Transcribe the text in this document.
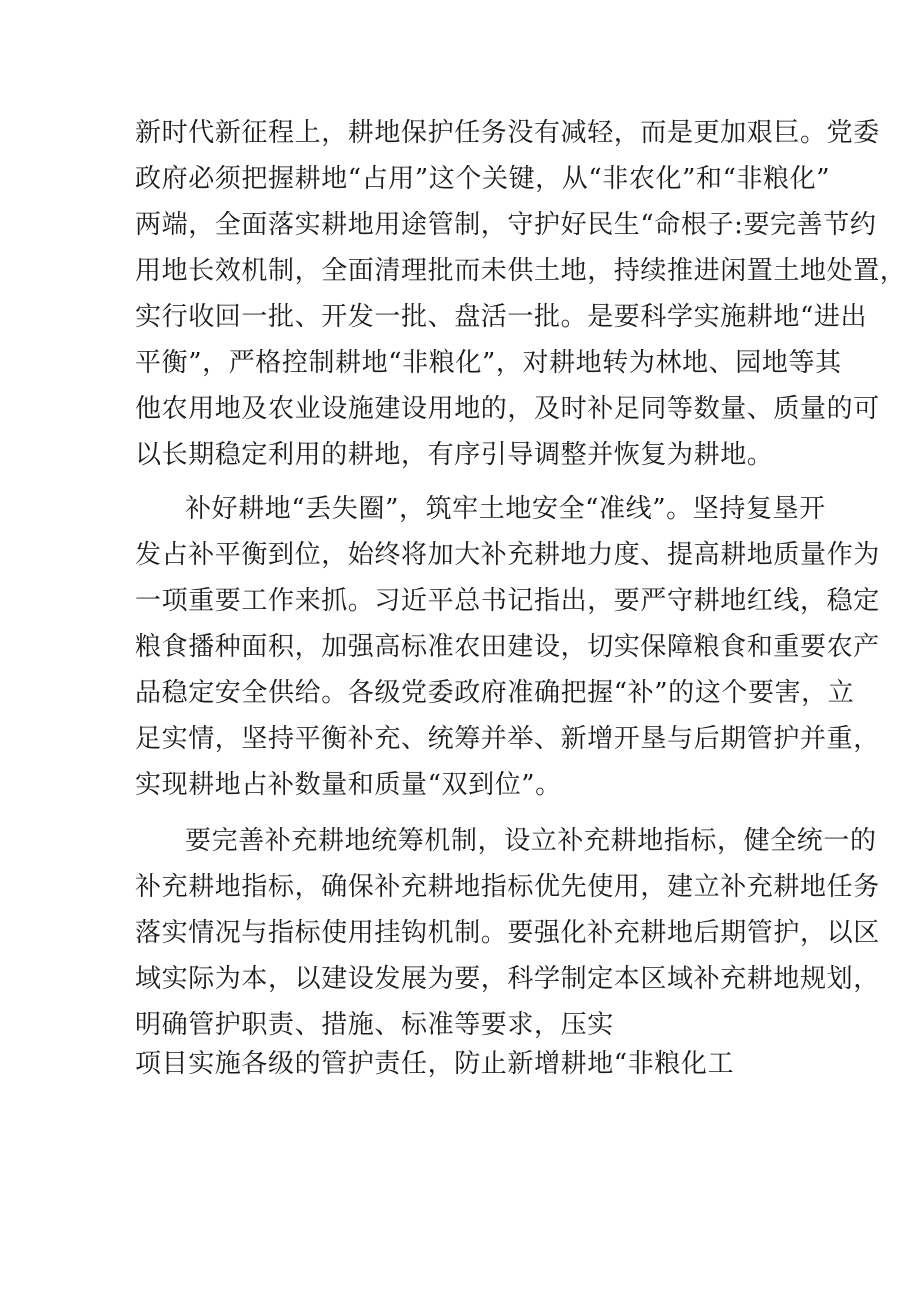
新时代新征程上，耕地保护任务没有减轻，而是更加艰巨。党委
政府必须把握耕地“占用”这个关键，从“非农化”和“非粮化”
两端，全面落实耕地用途管制，守护好民生“命根子:要完善节约
用地长效机制，全面清理批而未供土地，持续推进闲置土地处置，
实行收回一批、开发一批、盘活一批。是要科学实施耕地“进出
平衡”，严格控制耕地“非粮化”，对耕地转为林地、园地等其
他农用地及农业设施建设用地的，及时补足同等数量、质量的可
以长期稳定利用的耕地，有序引导调整并恢复为耕地。
补好耕地“丢失圈”，筑牢土地安全“准线”。坚持复垦开
发占补平衡到位，始终将加大补充耕地力度、提高耕地质量作为
一项重要工作来抓。习近平总书记指出，要严守耕地红线，稳定
粮食播种面积，加强高标准农田建设，切实保障粮食和重要农产
品稳定安全供给。各级党委政府准确把握“补”的这个要害，立
足实情，坚持平衡补充、统筹并举、新增开垦与后期管护并重，
实现耕地占补数量和质量“双到位”。
要完善补充耕地统筹机制，设立补充耕地指标，健全统一的
补充耕地指标，确保补充耕地指标优先使用，建立补充耕地任务
落实情况与指标使用挂钩机制。要强化补充耕地后期管护，以区
域实际为本，以建设发展为要，科学制定本区域补充耕地规划，
明确管护职责、措施、标准等要求，压实
项目实施各级的管护责任，防止新增耕地“非粮化工
